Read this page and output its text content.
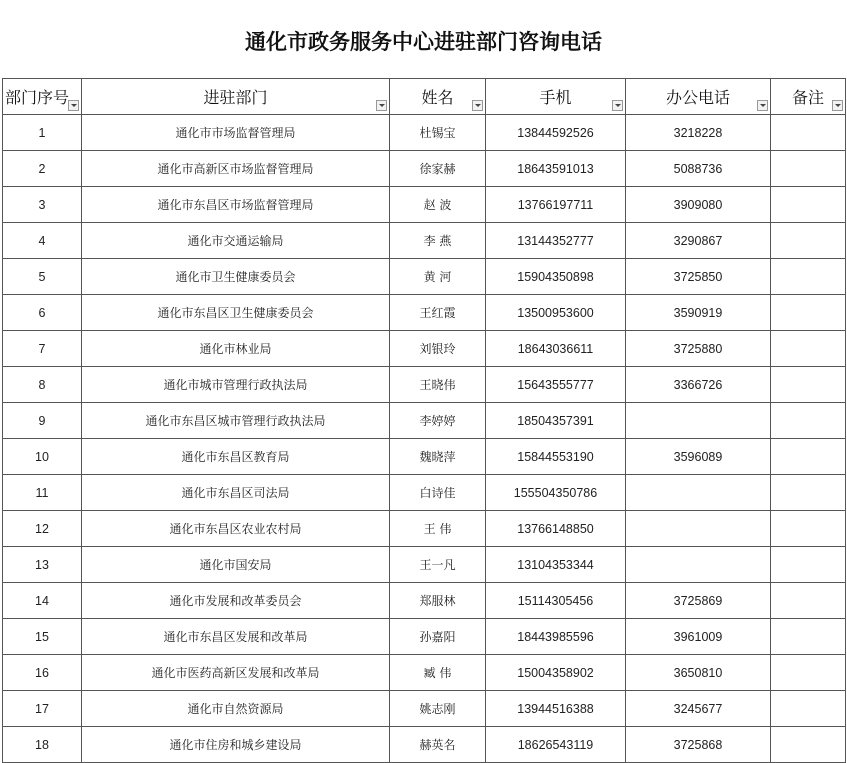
通化市政务服务中心进驻部门咨询电话
部门序号	进驻部门	姓名	手机	办公电话	备注

1	通化市市场监督管理局	杜锡宝	13844592526	3218228	
2	通化市高新区市场监督管理局	徐家赫	18643591013	5088736	
3	通化市东昌区市场监督管理局	赵 波	13766197711	3909080	
4	通化市交通运输局	李 燕	13144352777	3290867	
5	通化市卫生健康委员会	黄 河	15904350898	3725850	
6	通化市东昌区卫生健康委员会	王红霞	13500953600	3590919	
7	通化市林业局	刘银玲	18643036611	3725880	
8	通化市城市管理行政执法局	王晓伟	15643555777	3366726	
9	通化市东昌区城市管理行政执法局	李婷婷	18504357391		
10	通化市东昌区教育局	魏晓萍	15844553190	3596089	
11	通化市东昌区司法局	白诗佳	155504350786		
12	通化市东昌区农业农村局	王 伟	13766148850		
13	通化市国安局	王一凡	13104353344		
14	通化市发展和改革委员会	郑服林	15114305456	3725869	
15	通化市东昌区发展和改革局	孙嘉阳	18443985596	3961009	
16	通化市医药高新区发展和改革局	臧 伟	15004358902	3650810	
17	通化市自然资源局	姚志刚	13944516388	3245677	
18	通化市住房和城乡建设局	赫英名	18626543119	3725868	
